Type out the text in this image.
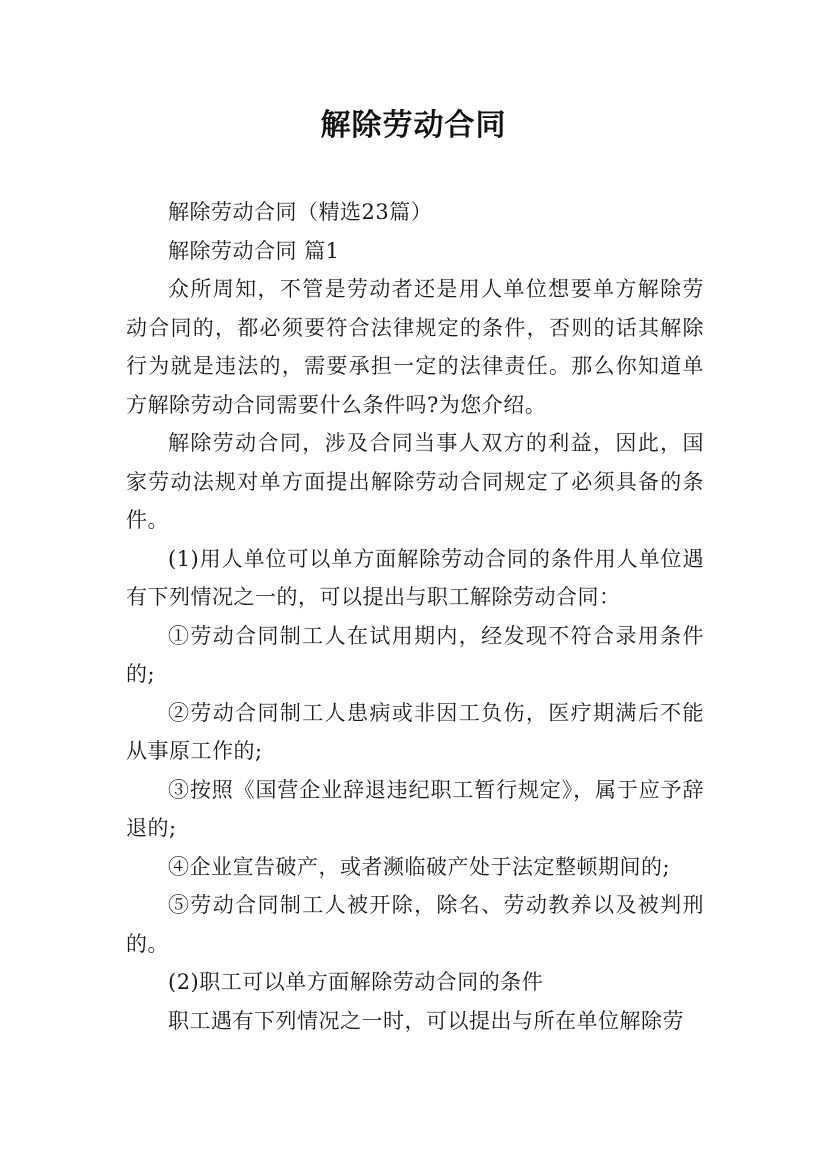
解除劳动合同

解除劳动合同（精选23篇）

解除劳动合同 篇1

众所周知，不管是劳动者还是用人单位想要单方解除劳动合同的，都必须要符合法律规定的条件，否则的话其解除行为就是违法的，需要承担一定的法律责任。那么你知道单方解除劳动合同需要什么条件吗?为您介绍。

解除劳动合同，涉及合同当事人双方的利益，因此，国家劳动法规对单方面提出解除劳动合同规定了必须具备的条件。

(1)用人单位可以单方面解除劳动合同的条件用人单位遇有下列情况之一的，可以提出与职工解除劳动合同：

①劳动合同制工人在试用期内，经发现不符合录用条件的;

②劳动合同制工人患病或非因工负伤，医疗期满后不能从事原工作的;

③按照《国营企业辞退违纪职工暂行规定》，属于应予辞退的;

④企业宣告破产，或者濒临破产处于法定整顿期间的;

⑤劳动合同制工人被开除，除名、劳动教养以及被判刑的。

(2)职工可以单方面解除劳动合同的条件

职工遇有下列情况之一时，可以提出与所在单位解除劳
